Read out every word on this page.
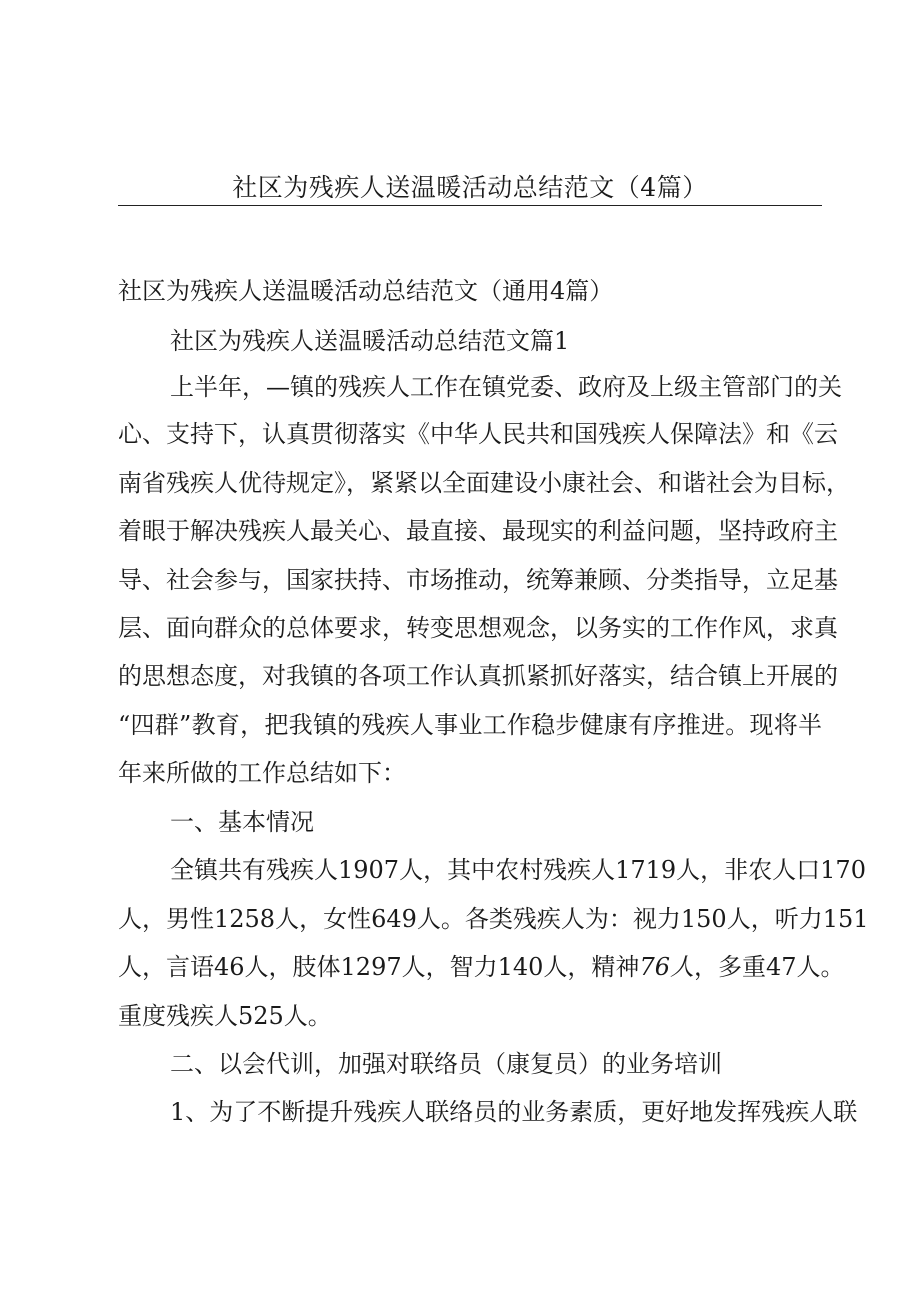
社区为残疾人送温暖活动总结范文（4篇）
社区为残疾人送温暖活动总结范文（通用4篇）
社区为残疾人送温暖活动总结范文篇1
上半年，—镇的残疾人工作在镇党委、政府及上级主管部门的关
心、支持下，认真贯彻落实《中华人民共和国残疾人保障法》和《云
南省残疾人优待规定》，紧紧以全面建设小康社会、和谐社会为目标，
着眼于解决残疾人最关心、最直接、最现实的利益问题，坚持政府主
导、社会参与，国家扶持、市场推动，统筹兼顾、分类指导，立足基
层、面向群众的总体要求，转变思想观念，以务实的工作作风，求真
的思想态度，对我镇的各项工作认真抓紧抓好落实，结合镇上开展的
“四群”教育，把我镇的残疾人事业工作稳步健康有序推进。现将半
年来所做的工作总结如下：
一、基本情况
全镇共有残疾人1907人，其中农村残疾人1719人，非农人口170
人，男性1258人，女性649人。各类残疾人为：视力150人，听力151
人，言语46人，肢体1297人，智力140人，精神76人，多重47人。
重度残疾人525人。
二、以会代训，加强对联络员（康复员）的业务培训
1、为了不断提升残疾人联络员的业务素质，更好地发挥残疾人联
